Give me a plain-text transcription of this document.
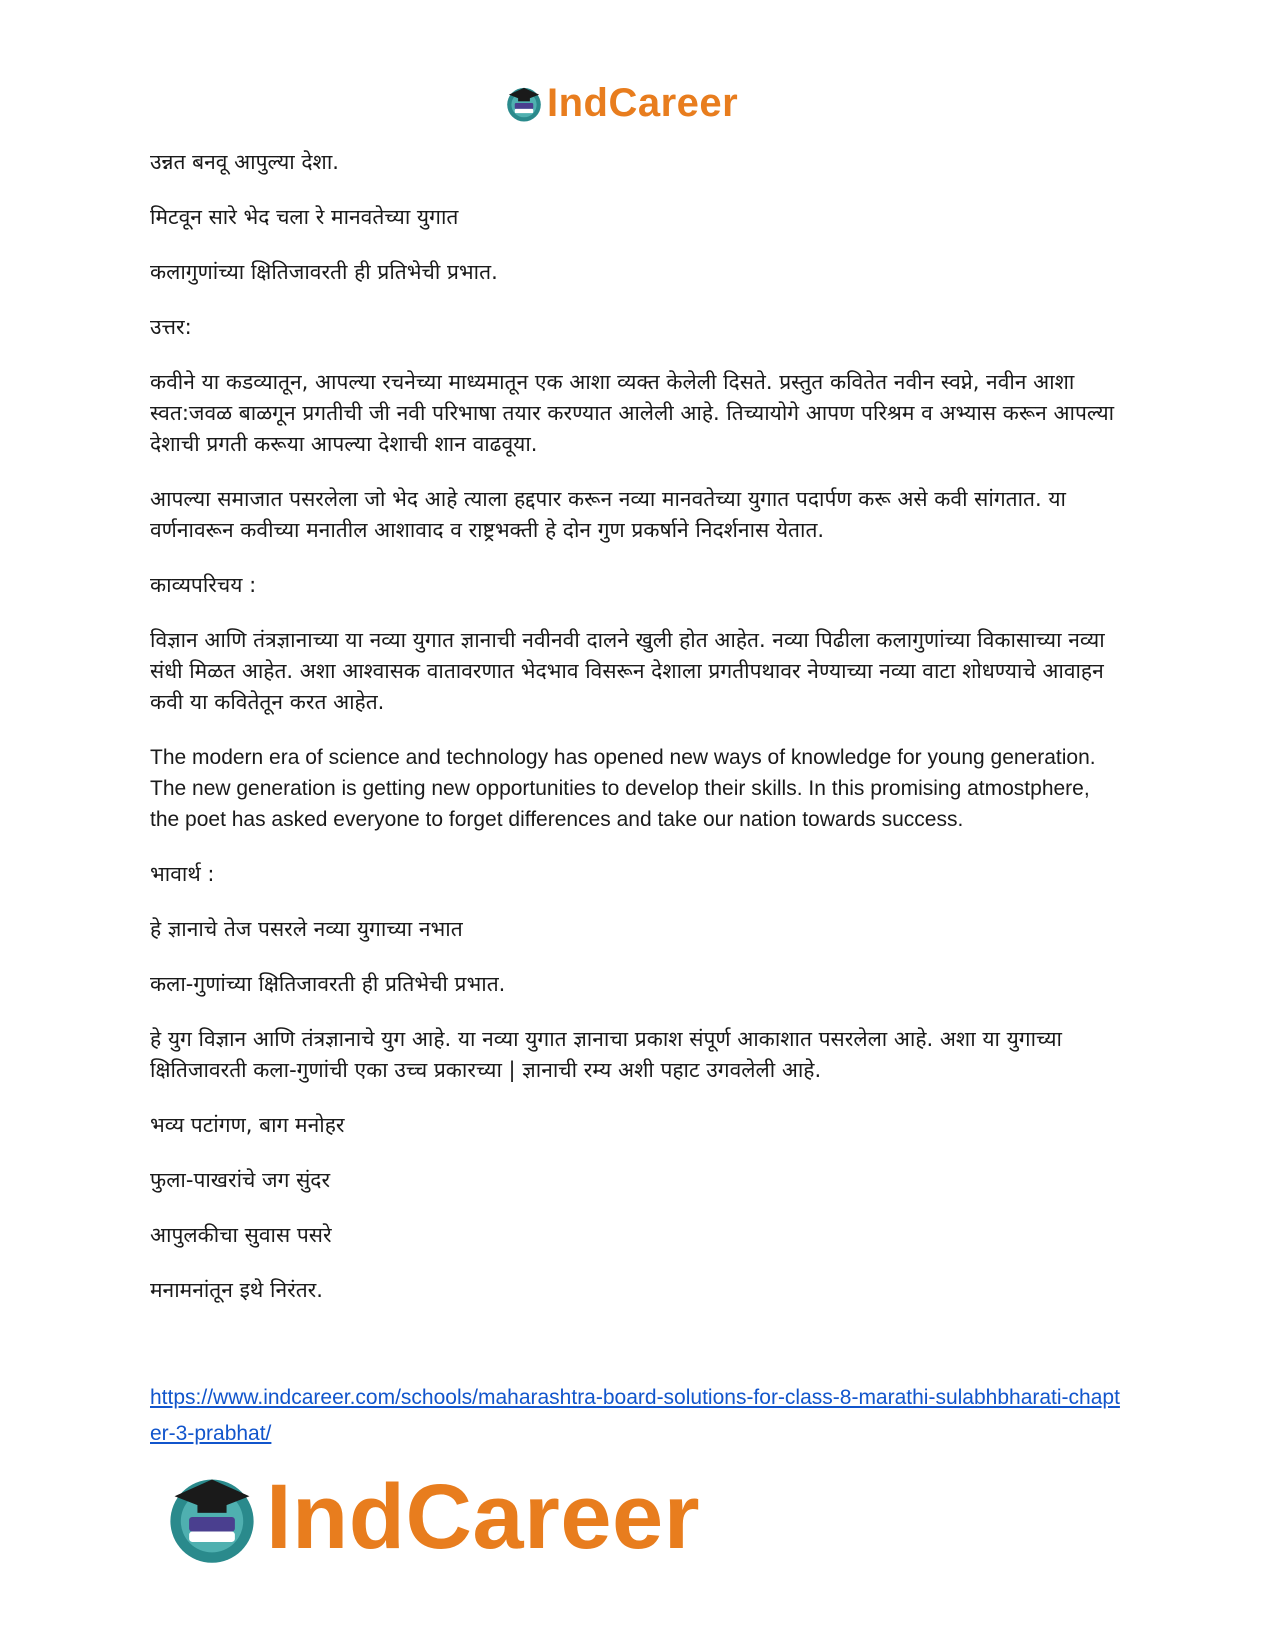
IndCareer

उन्नत बनवू आपुल्या देशा.

मिटवून सारे भेद चला रे मानवतेच्या युगात

कलागुणांच्या क्षितिजावरती ही प्रतिभेची प्रभात.

उत्तर:

कवीने या कडव्यातून, आपल्या रचनेच्या माध्यमातून एक आशा व्यक्त केलेली दिसते. प्रस्तुत कवितेत नवीन स्वप्ने, नवीन आशा स्वत:जवळ बाळगून प्रगतीची जी नवी परिभाषा तयार करण्यात आलेली आहे. तिच्यायोगे आपण परिश्रम व अभ्यास करून आपल्या देशाची प्रगती करूया आपल्या देशाची शान वाढवूया.

आपल्या समाजात पसरलेला जो भेद आहे त्याला हद्दपार करून नव्या मानवतेच्या युगात पदार्पण करू असे कवी सांगतात. या वर्णनावरून कवीच्या मनातील आशावाद व राष्ट्रभक्ती हे दोन गुण प्रकर्षाने निदर्शनास येतात.

काव्यपरिचय :

विज्ञान आणि तंत्रज्ञानाच्या या नव्या युगात ज्ञानाची नवीनवी दालने खुली होत आहेत. नव्या पिढीला कलागुणांच्या विकासाच्या नव्या संधी मिळत आहेत. अशा आश्वासक वातावरणात भेदभाव विसरून देशाला प्रगतीपथावर नेण्याच्या नव्या वाटा शोधण्याचे आवाहन कवी या कवितेतून करत आहेत.

The modern era of science and technology has opened new ways of knowledge for young generation. The new generation is getting new opportunities to develop their skills. In this promising atmostphere, the poet has asked everyone to forget differences and take our nation towards success.

भावार्थ :

हे ज्ञानाचे तेज पसरले नव्या युगाच्या नभात

कला-गुणांच्या क्षितिजावरती ही प्रतिभेची प्रभात.

हे युग विज्ञान आणि तंत्रज्ञानाचे युग आहे. या नव्या युगात ज्ञानाचा प्रकाश संपूर्ण आकाशात पसरलेला आहे. अशा या युगाच्या क्षितिजावरती कला-गुणांची एका उच्च प्रकारच्या | ज्ञानाची रम्य अशी पहाट उगवलेली आहे.

भव्य पटांगण, बाग मनोहर

फुला-पाखरांचे जग सुंदर

आपुलकीचा सुवास पसरे

मनामनांतून इथे निरंतर.

https://www.indcareer.com/schools/maharashtra-board-solutions-for-class-8-marathi-sulabhbharati-chapter-3-prabhat/
IndCareer
